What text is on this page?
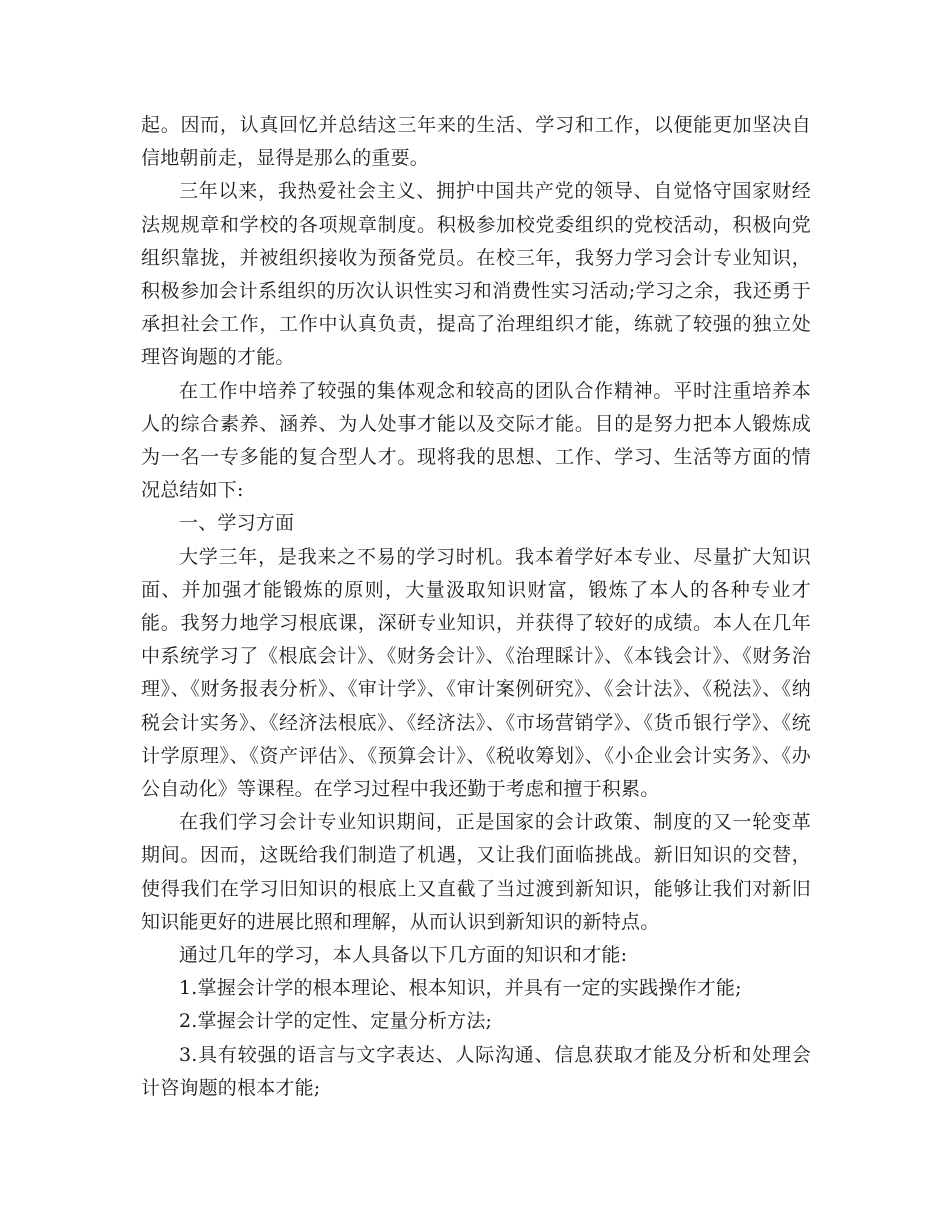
起。因而，认真回忆并总结这三年来的生活、学习和工作，以便能更加坚决自信地朝前走，显得是那么的重要。

三年以来，我热爱社会主义、拥护中国共产党的领导、自觉恪守国家财经法规规章和学校的各项规章制度。积极参加校党委组织的党校活动，积极向党组织靠拢，并被组织接收为预备党员。在校三年，我努力学习会计专业知识，积极参加会计系组织的历次认识性实习和消费性实习活动;学习之余，我还勇于承担社会工作，工作中认真负责，提高了治理组织才能，练就了较强的独立处理咨询题的才能。

在工作中培养了较强的集体观念和较高的团队合作精神。平时注重培养本人的综合素养、涵养、为人处事才能以及交际才能。目的是努力把本人锻炼成为一名一专多能的复合型人才。现将我的思想、工作、学习、生活等方面的情况总结如下:

一、学习方面

大学三年，是我来之不易的学习时机。我本着学好本专业、尽量扩大知识面、并加强才能锻炼的原则，大量汲取知识财富，锻炼了本人的各种专业才能。我努力地学习根底课，深研专业知识，并获得了较好的成绩。本人在几年中系统学习了《根底会计》、《财务会计》、《治理睬计》、《本钱会计》、《财务治理》、《财务报表分析》、《审计学》、《审计案例研究》、《会计法》、《税法》、《纳税会计实务》、《经济法根底》、《经济法》、《市场营销学》、《货币银行学》、《统计学原理》、《资产评估》、《预算会计》、《税收筹划》、《小企业会计实务》、《办公自动化》等课程。在学习过程中我还勤于考虑和擅于积累。

在我们学习会计专业知识期间，正是国家的会计政策、制度的又一轮变革期间。因而，这既给我们制造了机遇，又让我们面临挑战。新旧知识的交替，使得我们在学习旧知识的根底上又直截了当过渡到新知识，能够让我们对新旧知识能更好的进展比照和理解，从而认识到新知识的新特点。

通过几年的学习，本人具备以下几方面的知识和才能:

1.掌握会计学的根本理论、根本知识，并具有一定的实践操作才能;

2.掌握会计学的定性、定量分析方法;

3.具有较强的语言与文字表达、人际沟通、信息获取才能及分析和处理会计咨询题的根本才能;
